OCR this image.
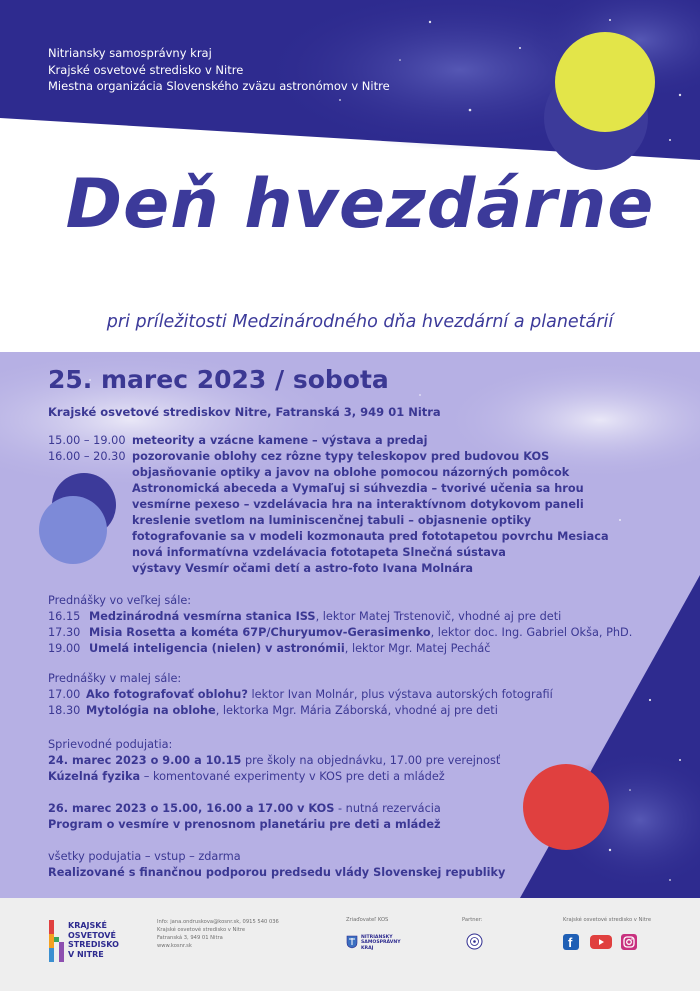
Nitriansky samosprávny kraj
Krajské osvetové stredisko v Nitre
Miestna organizácia Slovenského zväzu astronómov v Nitre
Deň hvezdárne
pri príležitosti Medzinárodného dňa hvezdární a planetárií
25. marec 2023 / sobota
Krajské osvetové strediskov Nitre, Fatranská 3, 949 01 Nitra
15.00 – 19.00 meteority a vzácne kamene – výstava a predaj
16.00 – 20.30 pozorovanie oblohy cez rôzne typy teleskopov pred budovou KOS
objasňovanie optiky a javov na oblohe pomocou názorných pomôcok
Astronomická abeceda a Vymaľuj si súhvezdia – tvorivé učenia sa hrou
vesmírne pexeso – vzdelávacia hra na interaktívnom dotykovom paneli
kreslenie svetlom na luminiscenčnej tabuli – objasnenie optiky
fotografovanie sa v modeli kozmonauta pred fototapetou povrchu Mesiaca
nová informatívna vzdelávacia fototapeta Slnečná sústava
výstavy Vesmír očami detí a astro-foto Ivana Molnára
Prednášky vo veľkej sále:
16.15 Medzinárodná vesmírna stanica ISS, lektor Matej Trstenovič, vhodné aj pre deti
17.30 Misia Rosetta a kométa 67P/Churyumov-Gerasimenko, lektor doc. Ing. Gabriel Okša, PhD.
19.00 Umelá inteligencia (nielen) v astronómii, lektor Mgr. Matej Pecháč
Prednášky v malej sále:
17.00 Ako fotografovať oblohu? lektor Ivan Molnár, plus výstava autorských fotografií
18.30 Mytológia na oblohe, lektorka Mgr. Mária Záborská, vhodné aj pre deti
Sprievodné podujatia:
24. marec 2023 o 9.00 a 10.15 pre školy na objednávku, 17.00 pre verejnosť
Kúzelná fyzika – komentované experimenty v KOS pre deti a mládež
26. marec 2023 o 15.00, 16.00 a 17.00 v KOS - nutná rezervácia
Program o vesmíre v prenosnom planetáriu pre deti a mládež
všetky podujatia – vstup – zdarma
Realizované s finančnou podporou predsedu vlády Slovenskej republiky
KRAJSKÉ
OSVETOVÉ
STREDISKO
V NITRE
Info: jana.ondruskova@kosnr.sk, 0915 540 036
Krajské osvetové stredisko v Nitre
Fatranská 3, 949 01 Nitra
www.kosnr.sk
Zriaďovateľ KOS
NITRIANSKY
SAMOSPRÁVNY
KRAJ
Partner:	Krajské osvetové stredisko v Nitre
f
